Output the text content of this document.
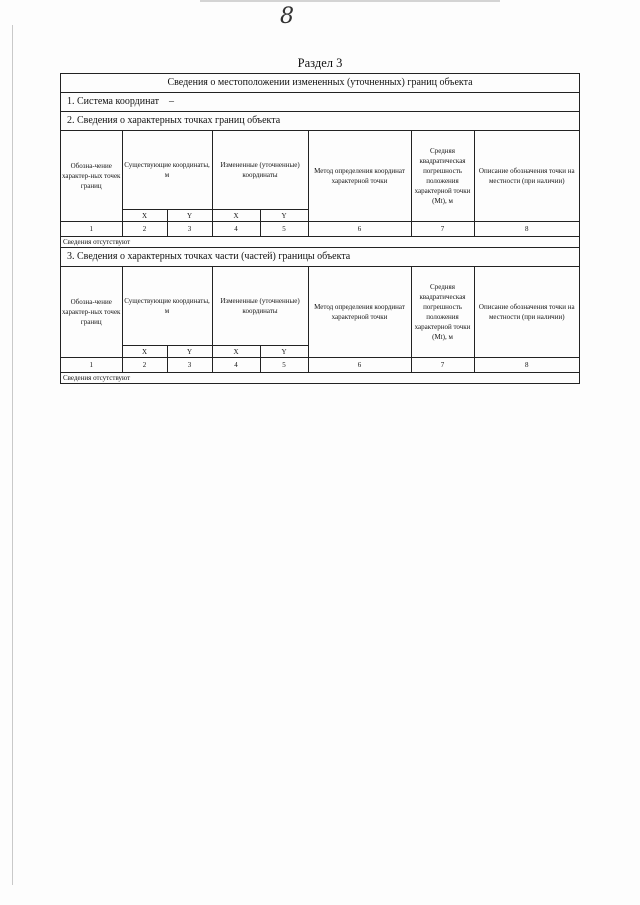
8
Раздел 3
Сведения о местоположении измененных (уточненных) границ объекта
1. Система координат –
2. Сведения о характерных точках границ объекта
Обозна-чение характер-ных точек границ	Существующие координаты, м		Измененные (уточненные) координаты		Метод определения координат характерной точки	Средняя квадратическая погрешность положения характерной точки (Mt), м	Описание обозначения точки на местности (при наличии)
	X	Y	X	Y			
1	2	3	4	5	6	7	8
Сведения отсутствуют
3. Сведения о характерных точках части (частей) границы объекта
Обозна-чение характер-ных точек границ	Существующие координаты, м		Измененные (уточненные) координаты		Метод определения координат характерной точки	Средняя квадратическая погрешность положения характерной точки (Mt), м	Описание обозначения точки на местности (при наличии)
	X	Y	X	Y			
1	2	3	4	5	6	7	8
Сведения отсутствуют
